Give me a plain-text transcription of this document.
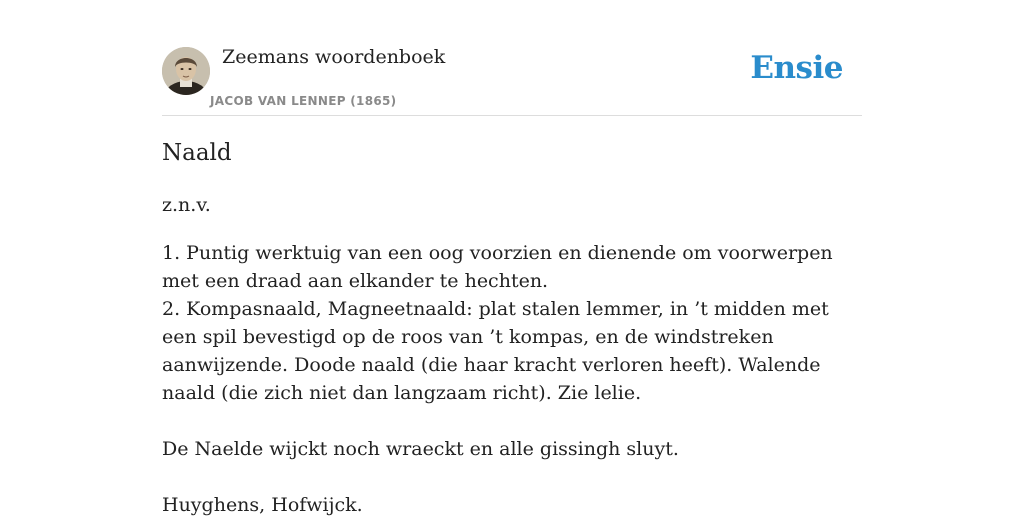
Zeemans woordenboek
JACOB VAN LENNEP (1865)
Ensie
Naald
z.n.v.

1. Puntig werktuig van een oog voorzien en dienende om voorwerpen met een draad aan elkander te hechten.

2. Kompasnaald, Magneetnaald: plat stalen lemmer, in ’t midden met een spil bevestigd op de roos van ’t kompas, en de windstreken aanwijzende. Doode naald (die haar kracht verloren heeft). Walende naald (die zich niet dan langzaam richt). Zie lelie.

De Naelde wijckt noch wraeckt en alle gissingh sluyt.

Huyghens, Hofwijck.
